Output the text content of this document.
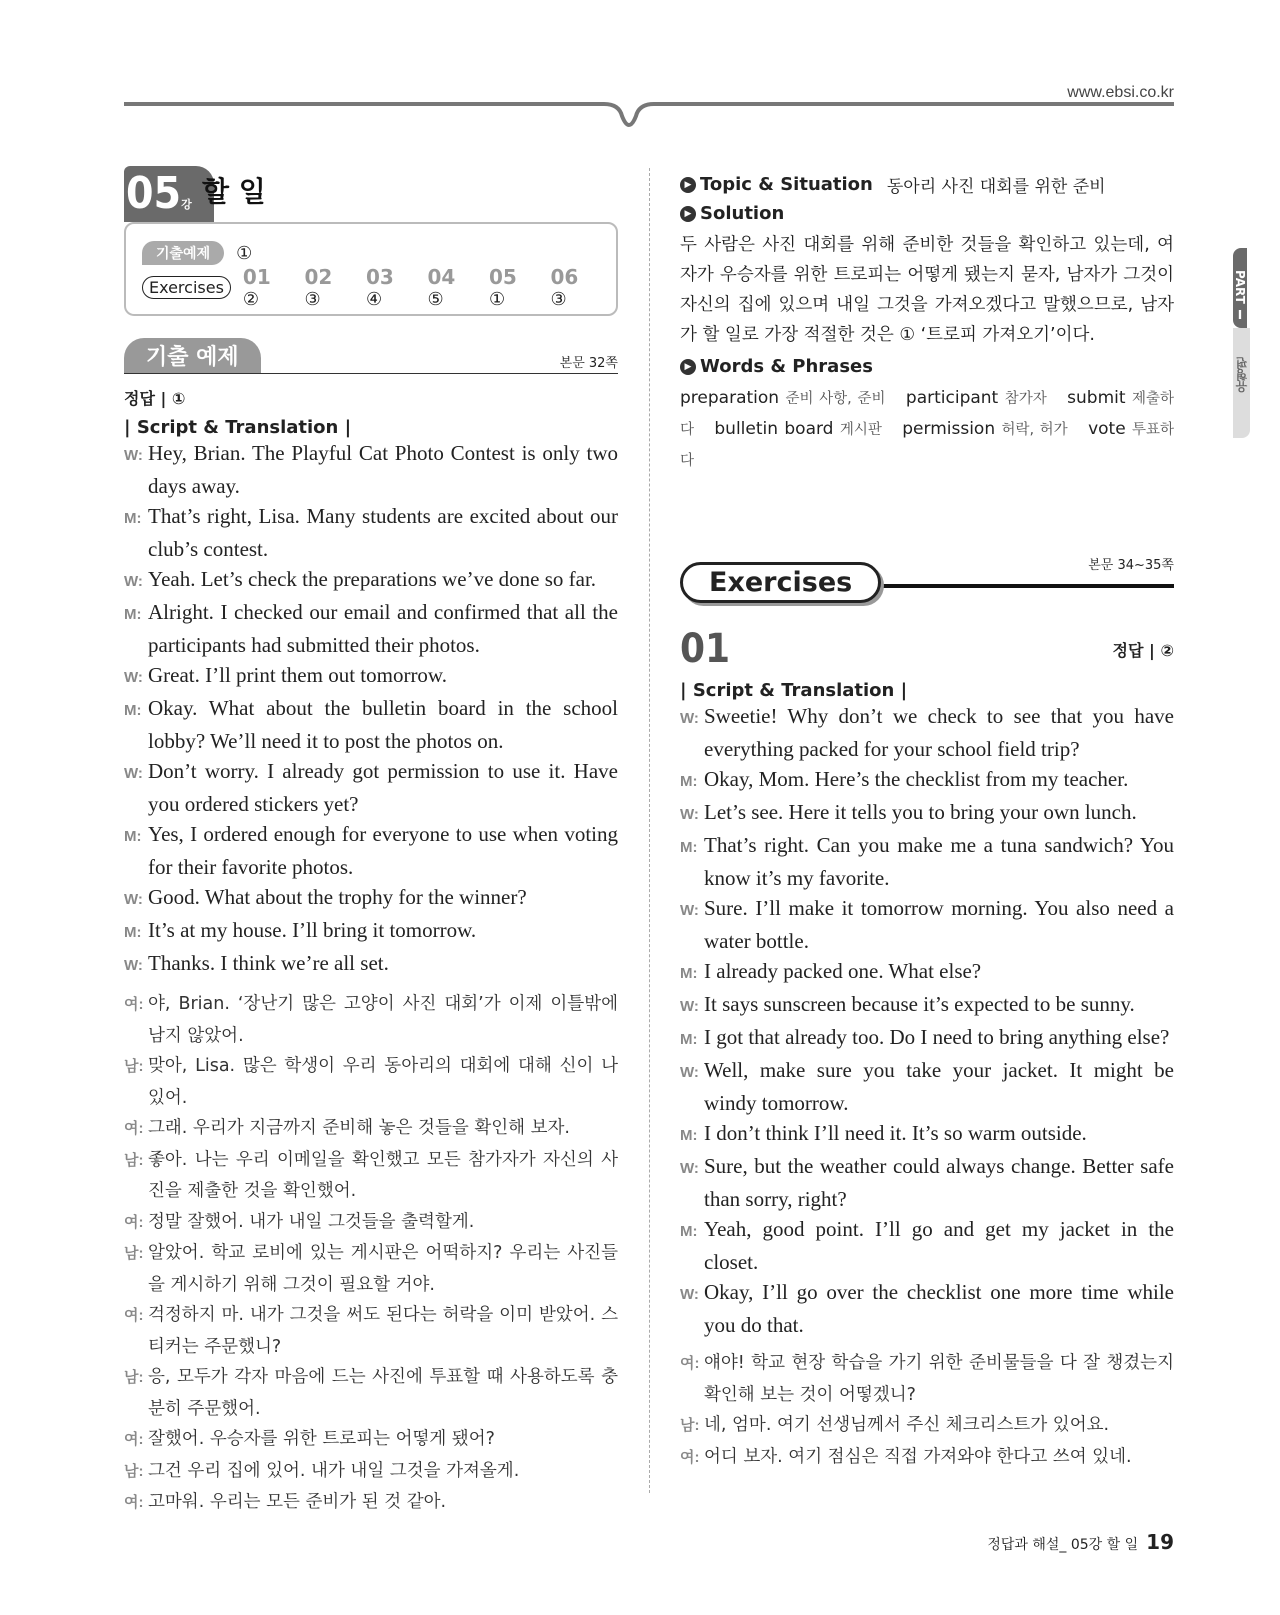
www.ebsi.co.kr
05강 할 일
기출예제	①
Exercises 01 ②
02 ③
03 ④
04 ⑤
05 ①
06 ③
기출 예제	본문 32쪽
정답 | ①
| Script & Translation |
W: Hey, Brian. The Playful Cat Photo Contest is only two days away.
M: That’s right, Lisa. Many students are excited about our club’s contest.
W: Yeah. Let’s check the preparations we’ve done so far.
M: Alright. I checked our email and confirmed that all the participants had submitted their photos.
W: Great. I’ll print them out tomorrow.
M: Okay. What about the bulletin board in the school lobby? We’ll need it to post the photos on.
W: Don’t worry. I already got permission to use it. Have you ordered stickers yet?
M: Yes, I ordered enough for everyone to use when voting for their favorite photos.
W: Good. What about the trophy for the winner?
M: It’s at my house. I’ll bring it tomorrow.
W: Thanks. I think we’re all set.
여: 야, Brian. ‘장난기 많은 고양이 사진 대회’가 이제 이틀밖에 남지 않았어.
남: 맞아, Lisa. 많은 학생이 우리 동아리의 대회에 대해 신이 나 있어.
여: 그래. 우리가 지금까지 준비해 놓은 것들을 확인해 보자.
남: 좋아. 나는 우리 이메일을 확인했고 모든 참가자가 자신의 사진을 제출한 것을 확인했어.
여: 정말 잘했어. 내가 내일 그것들을 출력할게.
남: 알았어. 학교 로비에 있는 게시판은 어떡하지? 우리는 사진들을 게시하기 위해 그것이 필요할 거야.
여: 걱정하지 마. 내가 그것을 써도 된다는 허락을 이미 받았어. 스티커는 주문했니?
남: 응, 모두가 각자 마음에 드는 사진에 투표할 때 사용하도록 충분히 주문했어.
여: 잘했어. 우승자를 위한 트로피는 어떻게 됐어?
남: 그건 우리 집에 있어. 내가 내일 그것을 가져올게.
여: 고마워. 우리는 모든 준비가 된 것 같아.
▶ Topic & Situation 동아리 사진 대회를 위한 준비
▶ Solution
두 사람은 사진 대회를 위해 준비한 것들을 확인하고 있는데, 여자가 우승자를 위한 트로피는 어떻게 됐는지 묻자, 남자가 그것이 자신의 집에 있으며 내일 그것을 가져오겠다고 말했으므로, 남자가 할 일로 가장 적절한 것은 ① ‘트로피 가져오기’이다.
▶ Words & Phrases
preparation 준비 사항, 준비 participant 참가자 submit 제출하다 bulletin board 게시판 permission 허락, 허가 vote 투표하다
본문 34~35쪽
Exercises
01	정답 | ②
| Script & Translation |
W: Sweetie! Why don’t we check to see that you have everything packed for your school field trip?
M: Okay, Mom. Here’s the checklist from my teacher.
W: Let’s see. Here it tells you to bring your own lunch.
M: That’s right. Can you make me a tuna sandwich? You know it’s my favorite.
W: Sure. I’ll make it tomorrow morning. You also need a water bottle.
M: I already packed one. What else?
W: It says sunscreen because it’s expected to be sunny.
M: I got that already too. Do I need to bring anything else?
W: Well, make sure you take your jacket. It might be windy tomorrow.
M: I don’t think I’ll need it. It’s so warm outside.
W: Sure, but the weather could always change. Better safe than sorry, right?
M: Yeah, good point. I’ll go and get my jacket in the closet.
W: Okay, I’ll go over the checklist one more time while you do that.
여: 얘야! 학교 현장 학습을 가기 위한 준비물들을 다 잘 챙겼는지 확인해 보는 것이 어떻겠니?
남: 네, 엄마. 여기 선생님께서 주신 체크리스트가 있어요.
여: 어디 보자. 여기 점심은 직접 가져와야 한다고 쓰여 있네.
PART Ⅰ
유형편
정답과 해설_ 05강 할 일 19
